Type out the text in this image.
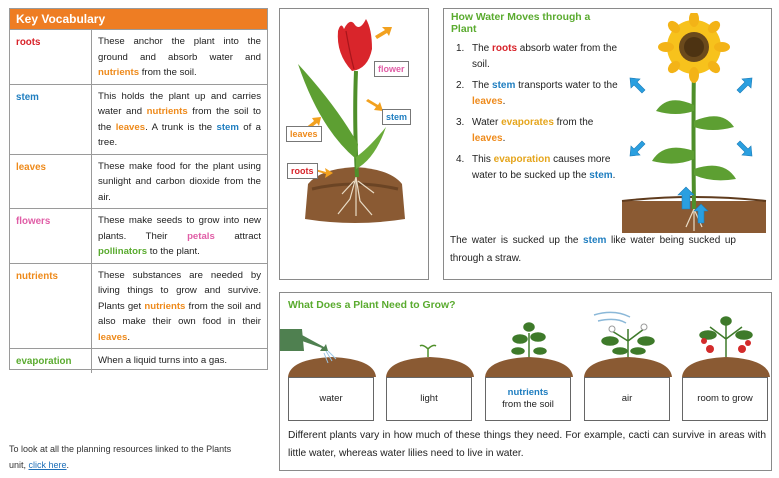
Key Vocabulary
roots	These anchor the plant into the ground and absorb water and nutrients from the soil.
stem	This holds the plant up and carries water and nutrients from the soil to the leaves. A trunk is the stem of a tree.
leaves	These make food for the plant using sunlight and carbon dioxide from the air.
flowers	These make seeds to grow into new plants. Their petals attract pollinators to the plant.
nutrients	These substances are needed by living things to grow and survive. Plants get nutrients from the soil and also make their own food in their leaves.
evaporation	When a liquid turns into a gas.
flower
stem
leaves
roots
How Water Moves through a Plant
1. The roots absorb water from the soil.
2. The stem transports water to the leaves.
3. Water evaporates from the leaves.
4. This evaporation causes more water to be sucked up the stem.
The water is sucked up the stem like water being sucked up through a straw.
What Does a Plant Need to Grow?
water	light
nutrients
from the soil
air	room to grow
Different plants vary in how much of these things they need. For example, cacti can survive in areas with little water, whereas water lilies need to live in water.
To look at all the planning resources linked to the Plants unit, click here.
